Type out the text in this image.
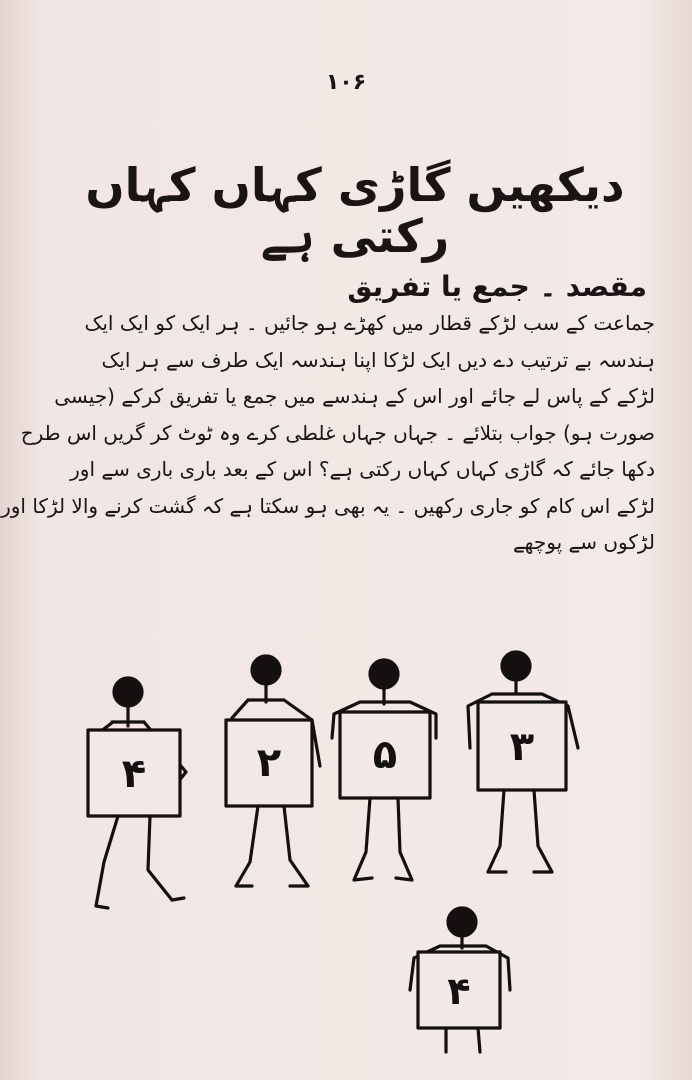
۱۰۶
دیکھیں گاڑی کہاں کہاں رکتی ہے
مقصد ۔ جمع یا تفریق
جماعت کے سب لڑکے قطار میں کھڑے ہو جائیں ۔ ہر ایک کو ایک ایک
ہندسہ بے ترتیب دے دیں ایک لڑکا اپنا ہندسہ ایک طرف سے ہر ایک
لڑکے کے پاس لے جائے اور اس کے ہندسے میں جمع یا تفریق کرکے (جیسی
صورت ہو) جواب بتلائے ۔ جہاں جہاں غلطی کرے وہ ٹوٹ کر گریں اس طرح
دکھا جائے کہ گاڑی کہاں کہاں رکتی ہے؟ اس کے بعد باری باری سے اور
لڑکے اس کام کو جاری رکھیں ۔ یہ بھی ہو سکتا ہے کہ گشت کرنے والا لڑکا اور
لڑکوں سے پوچھے
۴	۲ ۵	۳
۴
